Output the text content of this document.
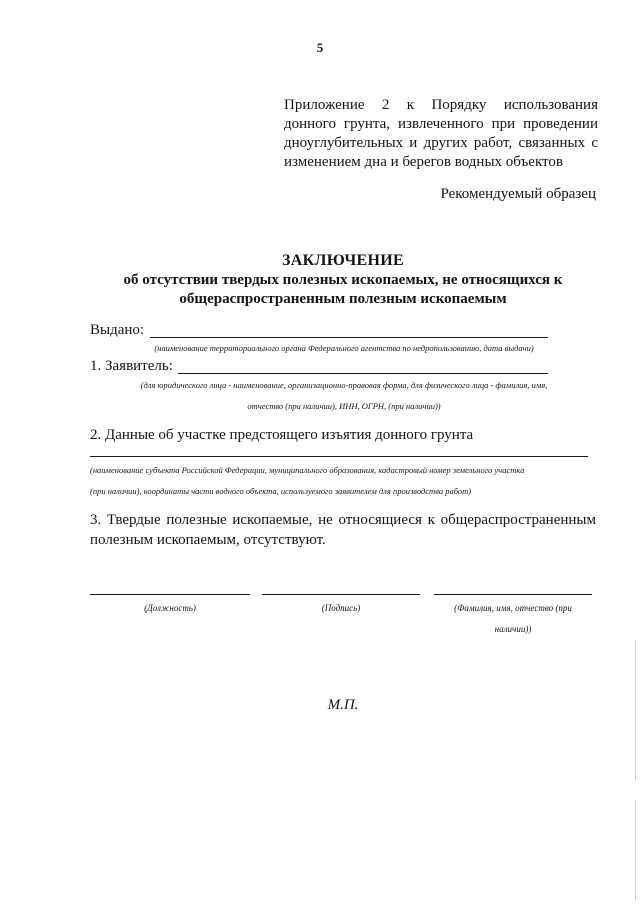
5
Приложение 2 к Порядку использования
донного грунта, извлеченного при проведении
дноуглубительных и других работ, связанных с
изменением дна и берегов водных объектов
Рекомендуемый образец
ЗАКЛЮЧЕНИЕ
об отсутствии твердых полезных ископаемых, не относящихся к
общераспространенным полезным ископаемым
Выдано:
(наименование территориального органа Федерального агентства по недропользованию, дата выдачи)
1. Заявитель:
(для юридического лица - наименование, организационно-правовая форма, для физического лица - фамилия, имя,
отчество (при наличии), ИНН, ОГРН, (при наличии))
2. Данные об участке предстоящего изъятия донного грунта
(наименование субъекта Российской Федерации, муниципального образования, кадастровый номер земельного участка
(при наличии), координаты части водного объекта, используемого заявителем для производства работ)
3. Твердые полезные ископаемые, не относящиеся к общераспространенным
полезным ископаемым, отсутствуют.
(Должность)	(Подпись)	(Фамилия, имя, отчество (при
наличии))
М.П.
